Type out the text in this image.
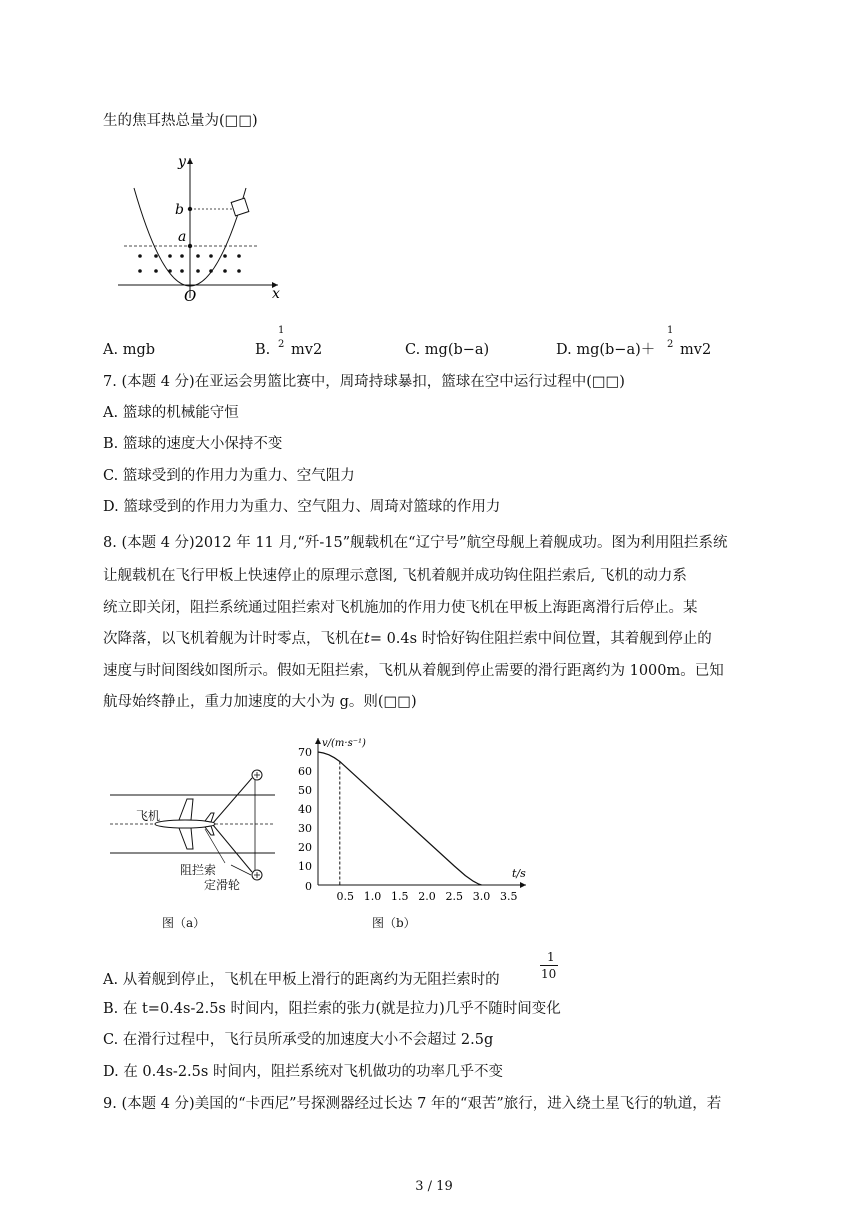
生的焦耳热总量为(□□)
y
x
O
a
b
A. mgb	B.
1
2 mv2	C. mg(b−a)	D. mg(b−a)＋
1
2 mv2
7. (本题 4 分)在亚运会男篮比赛中，周琦持球暴扣，篮球在空中运行过程中(□□)
A. 篮球的机械能守恒
B. 篮球的速度大小保持不变
C. 篮球受到的作用力为重力、空气阻力
D. 篮球受到的作用力为重力、空气阻力、周琦对篮球的作用力
8. (本题 4 分)2012 年 11 月,“歼-15”舰载机在“辽宁号”航空母舰上着舰成功。图为利用阻拦系统
让舰载机在飞行甲板上快速停止的原理示意图, 飞机着舰并成功钩住阻拦索后, 飞机的动力系
统立即关闭，阻拦系统通过阻拦索对飞机施加的作用力使飞机在甲板上海距离滑行后停止。某
次降落，以飞机着舰为计时零点，飞机在t= 0.4s 时恰好钩住阻拦索中间位置，其着舰到停止的
速度与时间图线如图所示。假如无阻拦索，飞机从着舰到停止需要的滑行距离约为 1000m。已知
航母始终静止，重力加速度的大小为 g。则(□□)
飞机
阻拦索
定滑轮
图（a）
0
10
20
30
40
50
60
70
0.5 1.0 1.5 2.0 2.5 3.0 3.5
v/(m·s⁻¹)
t/s
图（b）
A. 从着舰到停止，飞机在甲板上滑行的距离约为无阻拦索时的
1
10
B. 在 t=0.4s-2.5s 时间内，阻拦索的张力(就是拉力)几乎不随时间变化
C. 在滑行过程中，飞行员所承受的加速度大小不会超过 2.5g
D. 在 0.4s-2.5s 时间内，阻拦系统对飞机做功的功率几乎不变
9. (本题 4 分)美国的“卡西尼”号探测器经过长达 7 年的“艰苦”旅行，进入绕土星飞行的轨道，若
3 / 19
